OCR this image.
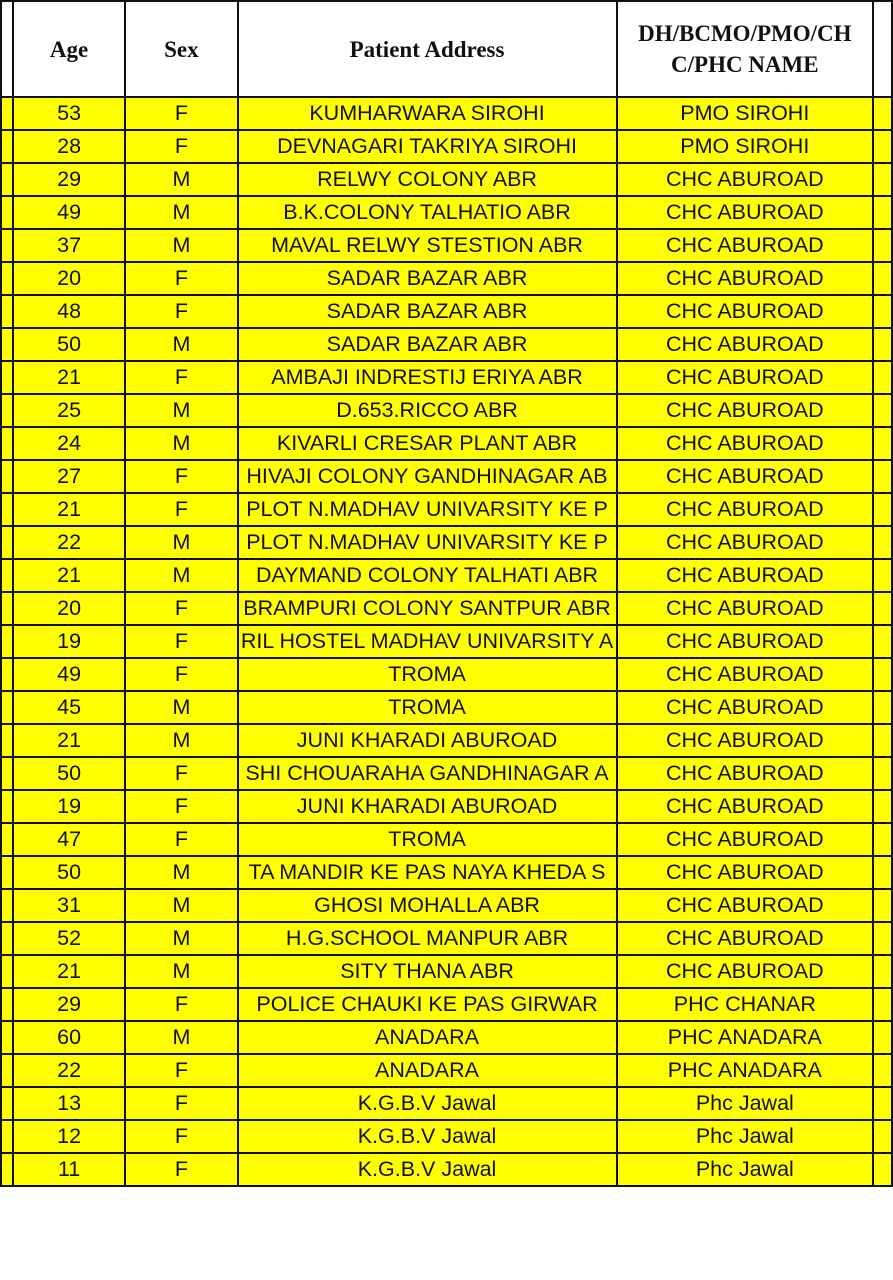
	Age	Sex	Patient Address	DH/BCMO/PMO/CH C/PHC NAME	
	53	F	KUMHARWARA SIROHI	PMO SIROHI	
	28	F	DEVNAGARI TAKRIYA SIROHI	PMO SIROHI	
	29	M	RELWY COLONY ABR	CHC ABUROAD	
	49	M	B.K.COLONY TALHATIO ABR	CHC ABUROAD	
	37	M	MAVAL RELWY STESTION ABR	CHC ABUROAD	
	20	F	SADAR BAZAR ABR	CHC ABUROAD	
	48	F	SADAR BAZAR ABR	CHC ABUROAD	
	50	M	SADAR BAZAR ABR	CHC ABUROAD	
	21	F	AMBAJI INDRESTIJ ERIYA ABR	CHC ABUROAD	
	25	M	D.653.RICCO ABR	CHC ABUROAD	
	24	M	KIVARLI CRESAR PLANT ABR	CHC ABUROAD	
	27	F	HIVAJI COLONY GANDHINAGAR AB	CHC ABUROAD	
	21	F	PLOT N.MADHAV UNIVARSITY KE P	CHC ABUROAD	
	22	M	PLOT N.MADHAV UNIVARSITY KE P	CHC ABUROAD	
	21	M	DAYMAND COLONY TALHATI ABR	CHC ABUROAD	
	20	F	BRAMPURI COLONY SANTPUR ABR	CHC ABUROAD	
	19	F	RIL HOSTEL MADHAV UNIVARSITY A	CHC ABUROAD	
	49	F	TROMA	CHC ABUROAD	
	45	M	TROMA	CHC ABUROAD	
	21	M	JUNI KHARADI ABUROAD	CHC ABUROAD	
	50	F	SHI CHOUARAHA GANDHINAGAR A	CHC ABUROAD	
	19	F	JUNI KHARADI ABUROAD	CHC ABUROAD	
	47	F	TROMA	CHC ABUROAD	
	50	M	TA MANDIR KE PAS NAYA KHEDA S	CHC ABUROAD	
	31	M	GHOSI MOHALLA ABR	CHC ABUROAD	
	52	M	H.G.SCHOOL MANPUR ABR	CHC ABUROAD	
	21	M	SITY THANA ABR	CHC ABUROAD	
	29	F	POLICE CHAUKI KE PAS GIRWAR	PHC CHANAR	
	60	M	ANADARA	PHC ANADARA	
	22	F	ANADARA	PHC ANADARA	
	13	F	K.G.B.V Jawal	Phc Jawal	
	12	F	K.G.B.V Jawal	Phc Jawal	
	11	F	K.G.B.V Jawal	Phc Jawal	
